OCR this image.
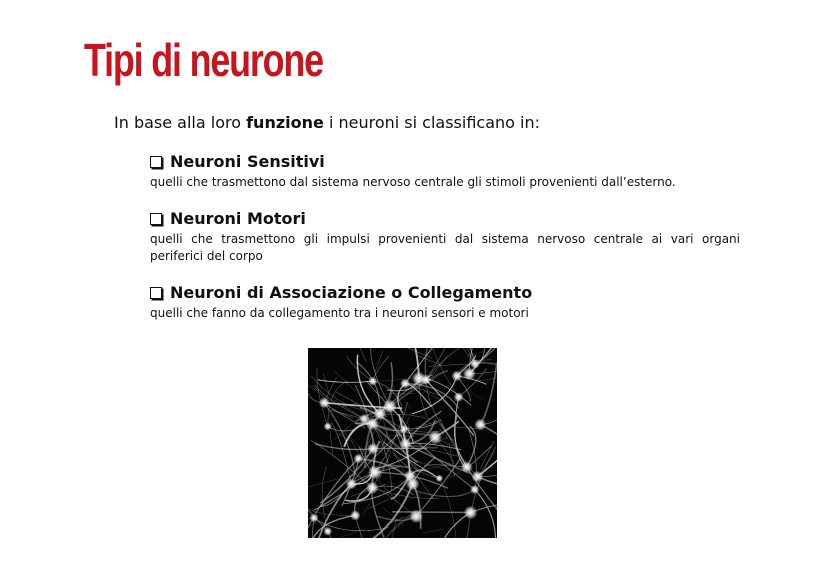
Tipi di neurone

In base alla loro funzione i neuroni si classificano in:

Neuroni Sensitivi

quelli che trasmettono dal sistema nervoso centrale gli stimoli provenienti dall’esterno.

Neuroni Motori

quelli che trasmettono gli impulsi provenienti dal sistema nervoso centrale ai vari organi periferici del corpo

Neuroni di Associazione o Collegamento

quelli che fanno da collegamento tra i neuroni sensori e motori
